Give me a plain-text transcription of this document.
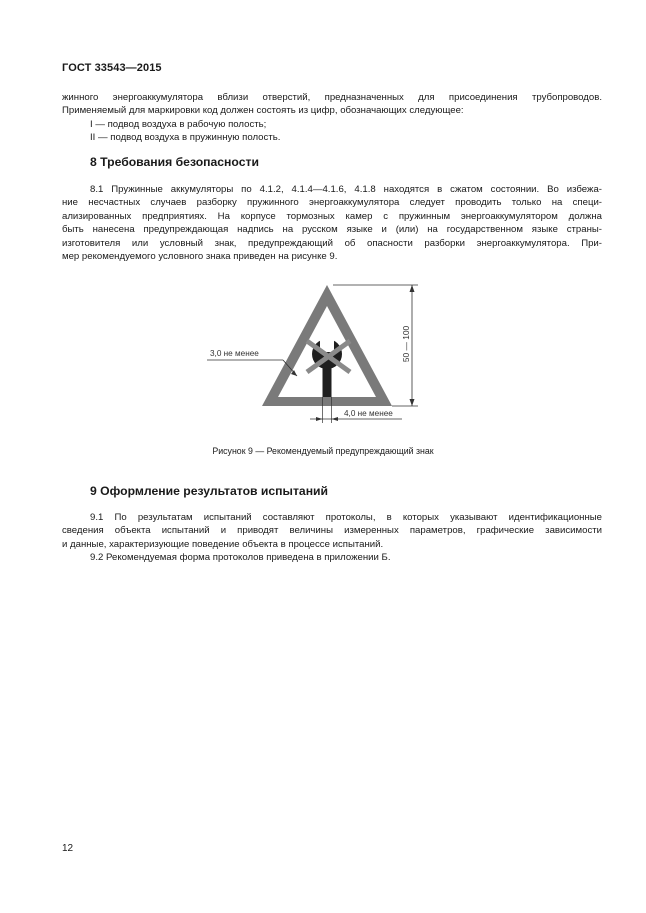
ГОСТ 33543—2015
жинного энергоаккумулятора вблизи отверстий, предназначенных для присоединения трубопроводов.
Применяемый для маркировки код должен состоять из цифр, обозначающих следующее:
I — подвод воздуха в рабочую полость;
II — подвод воздуха в пружинную полость.
8 Требования безопасности
8.1 Пружинные аккумуляторы по 4.1.2, 4.1.4—4.1.6, 4.1.8 находятся в сжатом состоянии. Во избежа-
ние несчастных случаев разборку пружинного энергоаккумулятора следует проводить только на специ-
ализированных предприятиях. На корпусе тормозных камер с пружинным энергоаккумулятором должна
быть нанесена предупреждающая надпись на русском языке и (или) на государственном языке страны-
изготовителя или условный знак, предупреждающий об опасности разборки энергоаккумулятора. При-
мер рекомендуемого условного знака приведен на рисунке 9.
3,0 не менее	50 — 100
4,0 не менее
Рисунок 9 — Рекомендуемый предупреждающий знак
9 Оформление результатов испытаний
9.1 По результатам испытаний составляют протоколы, в которых указывают идентификационные
сведения объекта испытаний и приводят величины измеренных параметров, графические зависимости
и данные, характеризующие поведение объекта в процессе испытаний.
9.2 Рекомендуемая форма протоколов приведена в приложении Б.
12
